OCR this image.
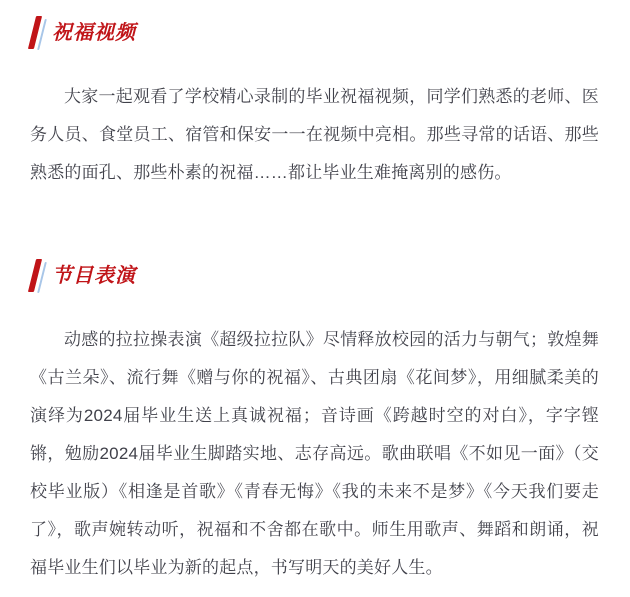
祝福视频

大家一起观看了学校精心录制的毕业祝福视频，同学们熟悉的老师、医务人员、食堂员工、宿管和保安一一在视频中亮相。那些寻常的话语、那些熟悉的面孔、那些朴素的祝福……都让毕业生难掩离别的感伤。

节目表演

动感的拉拉操表演《超级拉拉队》尽情释放校园的活力与朝气；敦煌舞《古兰朵》、流行舞《赠与你的祝福》、古典团扇《花间梦》，用细腻柔美的演绎为2024届毕业生送上真诚祝福；音诗画《跨越时空的对白》，字字铿锵，勉励2024届毕业生脚踏实地、志存高远。歌曲联唱《不如见一面》（交校毕业版）《相逢是首歌》《青春无悔》《我的未来不是梦》《今天我们要走了》，歌声婉转动听，祝福和不舍都在歌中。师生用歌声、舞蹈和朗诵，祝福毕业生们以毕业为新的起点，书写明天的美好人生。
